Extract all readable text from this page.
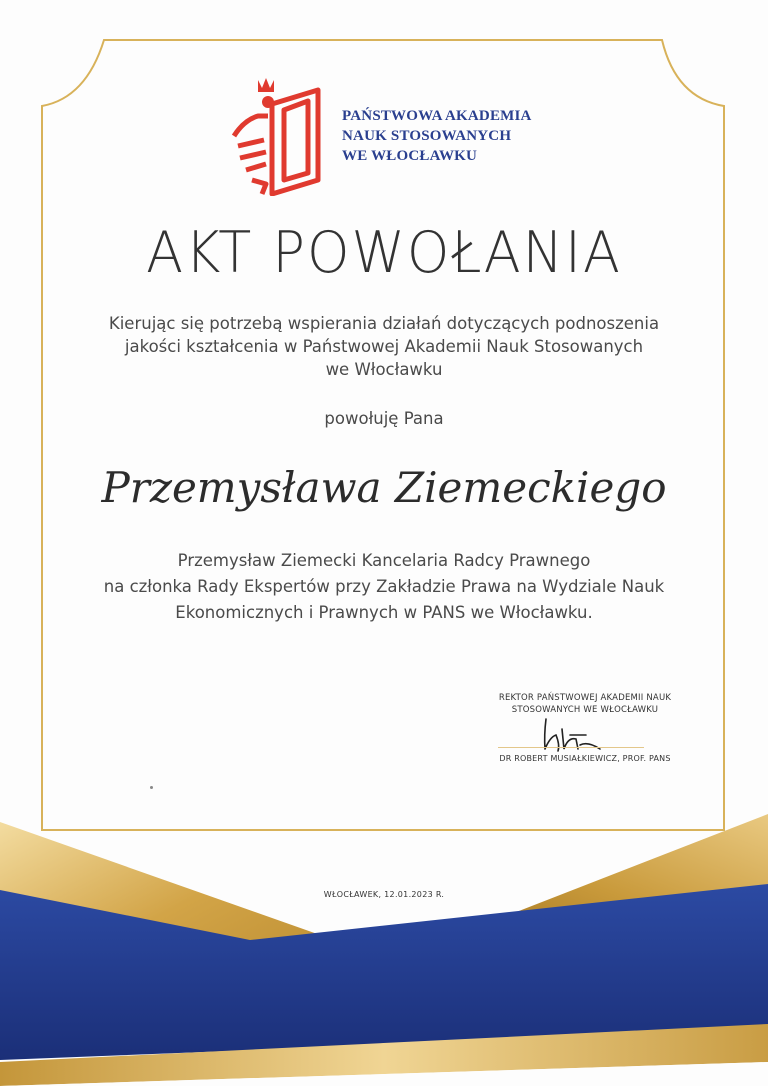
PAŃSTWOWA AKADEMIA
NAUK STOSOWANYCH
WE WŁOCŁAWKU
AKT POWOŁANIA
Kierując się potrzebą wspierania działań dotyczących podnoszenia
jakości kształcenia w Państwowej Akademii Nauk Stosowanych
we Włocławku
powołuję Pana
Przemysława Ziemeckiego
Przemysław Ziemecki Kancelaria Radcy Prawnego
na członka Rady Ekspertów przy Zakładzie Prawa na Wydziale Nauk
Ekonomicznych i Prawnych w PANS we Włocławku.
REKTOR PAŃSTWOWEJ AKADEMII NAUK
STOSOWANYCH WE WŁOCŁAWKU
DR ROBERT MUSIAŁKIEWICZ, PROF. PANS
WŁOCŁAWEK, 12.01.2023 R.
